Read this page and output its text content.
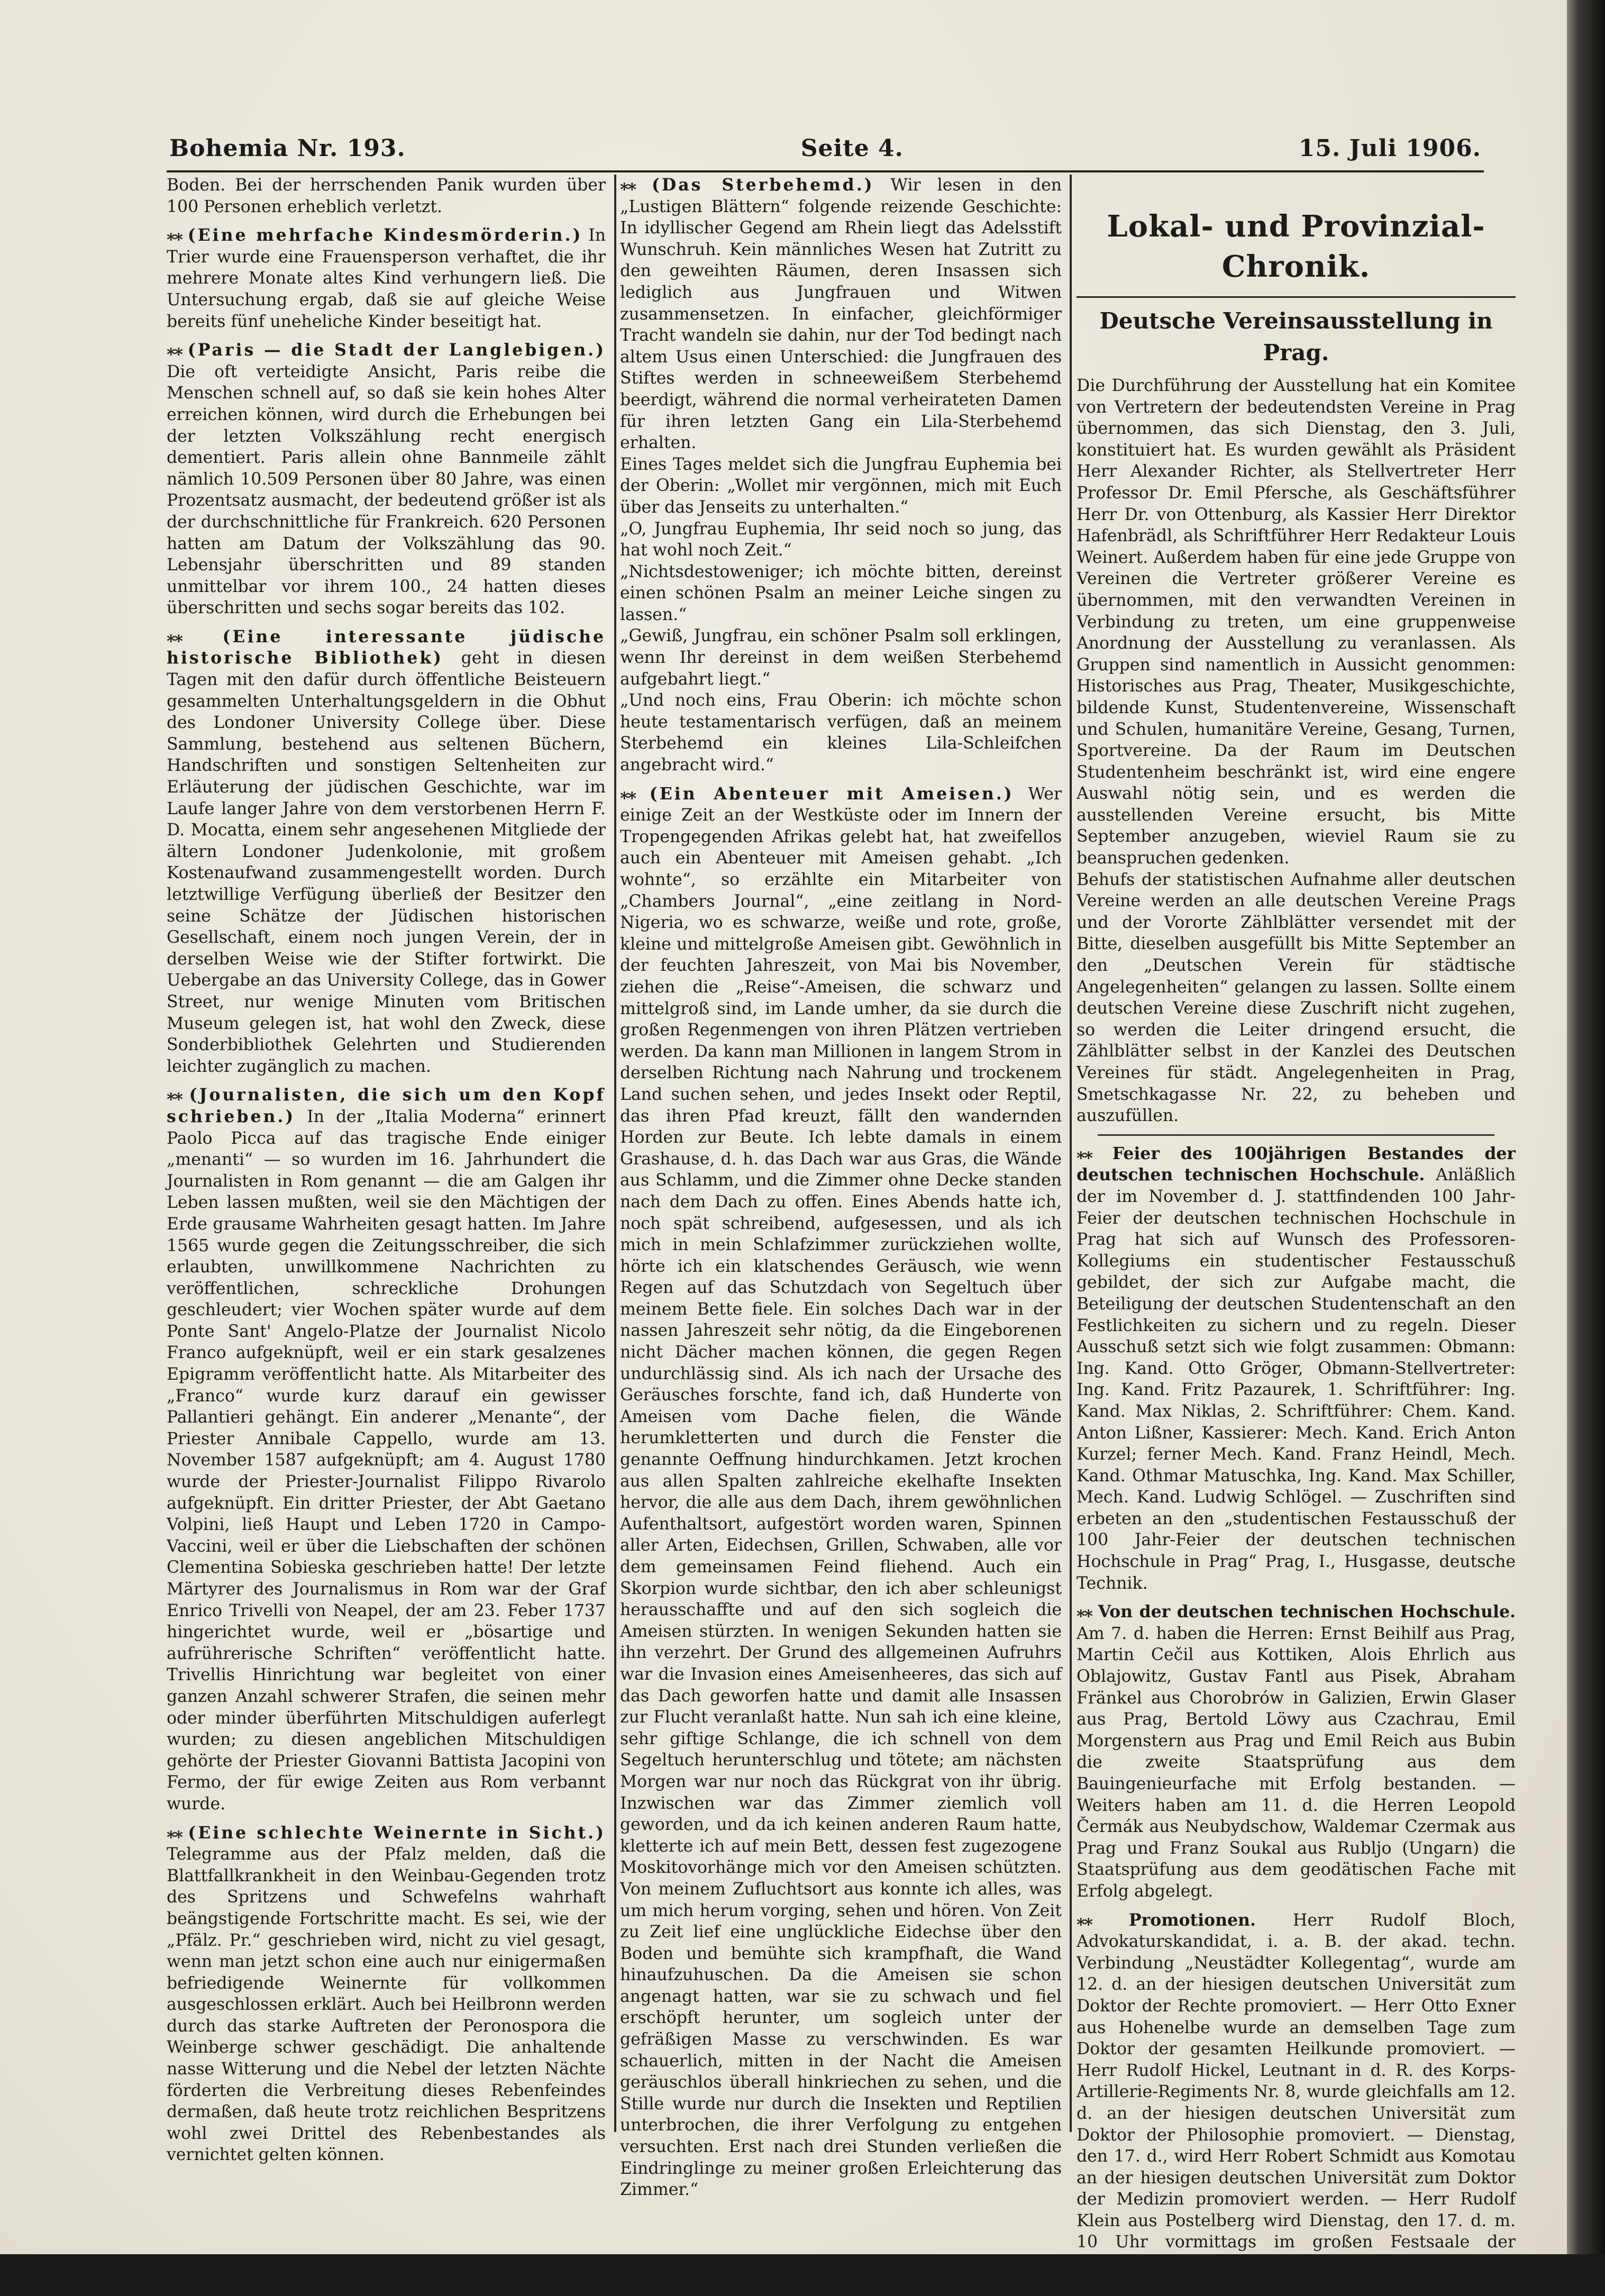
Bohemia Nr. 193.	Seite 4.	15. Juli 1906.

Boden. Bei der herrschenden Panik wurden über 100 Personen erheblich verletzt.

⁎⁎ (Eine mehrfache Kindesmörderin.) In Trier wurde eine Frauensperson verhaftet, die ihr mehrere Monate altes Kind verhungern ließ. Die Untersuchung ergab, daß sie auf gleiche Weise bereits fünf uneheliche Kinder beseitigt hat.

⁎⁎ (Paris — die Stadt der Langlebigen.) Die oft verteidigte Ansicht, Paris reibe die Menschen schnell auf, so daß sie kein hohes Alter erreichen können, wird durch die Erhebungen bei der letzten Volkszählung recht energisch dementiert. Paris allein ohne Bannmeile zählt nämlich 10.509 Personen über 80 Jahre, was einen Prozentsatz ausmacht, der bedeutend größer ist als der durchschnittliche für Frankreich. 620 Personen hatten am Datum der Volkszählung das 90. Lebensjahr überschritten und 89 standen unmittelbar vor ihrem 100., 24 hatten dieses überschritten und sechs sogar bereits das 102.

⁎⁎ (Eine interessante jüdische historische Bibliothek) geht in diesen Tagen mit den dafür durch öffentliche Beisteuern gesammelten Unterhaltungsgeldern in die Obhut des Londoner University College über. Diese Sammlung, bestehend aus seltenen Büchern, Handschriften und sonstigen Seltenheiten zur Erläuterung der jüdischen Geschichte, war im Laufe langer Jahre von dem verstorbenen Herrn F. D. Mocatta, einem sehr angesehenen Mitgliede der ältern Londoner Judenkolonie, mit großem Kostenaufwand zusammengestellt worden. Durch letztwillige Verfügung überließ der Besitzer den seine Schätze der Jüdischen historischen Gesellschaft, einem noch jungen Verein, der in derselben Weise wie der Stifter fortwirkt. Die Uebergabe an das University College, das in Gower Street, nur wenige Minuten vom Britischen Museum gelegen ist, hat wohl den Zweck, diese Sonderbibliothek Gelehrten und Studierenden leichter zugänglich zu machen.

⁎⁎ (Journalisten, die sich um den Kopf schrieben.) In der „Italia Moderna“ erinnert Paolo Picca auf das tragische Ende einiger „menanti“ — so wurden im 16. Jahrhundert die Journalisten in Rom genannt — die am Galgen ihr Leben lassen mußten, weil sie den Mächtigen der Erde grausame Wahrheiten gesagt hatten. Im Jahre 1565 wurde gegen die Zeitungsschreiber, die sich erlaubten, unwillkommene Nachrichten zu veröffentlichen, schreckliche Drohungen geschleudert; vier Wochen später wurde auf dem Ponte Sant' Angelo-Platze der Journalist Nicolo Franco aufgeknüpft, weil er ein stark gesalzenes Epigramm veröffentlicht hatte. Als Mitarbeiter des „Franco“ wurde kurz darauf ein gewisser Pallantieri gehängt. Ein anderer „Menante“, der Priester Annibale Cappello, wurde am 13. November 1587 aufgeknüpft; am 4. August 1780 wurde der Priester-Journalist Filippo Rivarolo aufgeknüpft. Ein dritter Priester, der Abt Gaetano Volpini, ließ Haupt und Leben 1720 in Campo-Vaccini, weil er über die Liebschaften der schönen Clementina Sobieska geschrieben hatte! Der letzte Märtyrer des Journalismus in Rom war der Graf Enrico Trivelli von Neapel, der am 23. Feber 1737 hingerichtet wurde, weil er „bösartige und aufrührerische Schriften“ veröffentlicht hatte. Trivellis Hinrichtung war begleitet von einer ganzen Anzahl schwerer Strafen, die seinen mehr oder minder überführten Mitschuldigen auferlegt wurden; zu diesen angeblichen Mitschuldigen gehörte der Priester Giovanni Battista Jacopini von Fermo, der für ewige Zeiten aus Rom verbannt wurde.

⁎⁎ (Eine schlechte Weinernte in Sicht.) Telegramme aus der Pfalz melden, daß die Blattfallkrankheit in den Weinbau-Gegenden trotz des Spritzens und Schwefelns wahrhaft beängstigende Fortschritte macht. Es sei, wie der „Pfälz. Pr.“ geschrieben wird, nicht zu viel gesagt, wenn man jetzt schon eine auch nur einigermaßen befriedigende Weinernte für vollkommen ausgeschlossen erklärt. Auch bei Heilbronn werden durch das starke Auftreten der Peronospora die Weinberge schwer geschädigt. Die anhaltende nasse Witterung und die Nebel der letzten Nächte förderten die Verbreitung dieses Rebenfeindes dermaßen, daß heute trotz reichlichen Bespritzens wohl zwei Drittel des Rebenbestandes als vernichtet gelten können.

⁎⁎ (Das Sterbehemd.) Wir lesen in den „Lustigen Blättern“ folgende reizende Geschichte: In idyllischer Gegend am Rhein liegt das Adelsstift Wunschruh. Kein männliches Wesen hat Zutritt zu den geweihten Räumen, deren Insassen sich lediglich aus Jungfrauen und Witwen zusammensetzen. In einfacher, gleichförmiger Tracht wandeln sie dahin, nur der Tod bedingt nach altem Usus einen Unterschied: die Jungfrauen des Stiftes werden in schneeweißem Sterbehemd beerdigt, während die normal verheirateten Damen für ihren letzten Gang ein Lila-Sterbehemd erhalten.

Eines Tages meldet sich die Jungfrau Euphemia bei der Oberin: „Wollet mir vergönnen, mich mit Euch über das Jenseits zu unterhalten.“

„O, Jungfrau Euphemia, Ihr seid noch so jung, das hat wohl noch Zeit.“

„Nichtsdestoweniger; ich möchte bitten, dereinst einen schönen Psalm an meiner Leiche singen zu lassen.“

„Gewiß, Jungfrau, ein schöner Psalm soll erklingen, wenn Ihr dereinst in dem weißen Sterbehemd aufgebahrt liegt.“

„Und noch eins, Frau Oberin: ich möchte schon heute testamentarisch verfügen, daß an meinem Sterbehemd ein kleines Lila-Schleifchen angebracht wird.“

⁎⁎ (Ein Abenteuer mit Ameisen.) Wer einige Zeit an der Westküste oder im Innern der Tropengegenden Afrikas gelebt hat, hat zweifellos auch ein Abenteuer mit Ameisen gehabt. „Ich wohnte“, so erzählte ein Mitarbeiter von „Chambers Journal“, „eine zeitlang in Nord-Nigeria, wo es schwarze, weiße und rote, große, kleine und mittelgroße Ameisen gibt. Gewöhnlich in der feuchten Jahreszeit, von Mai bis November, ziehen die „Reise“-Ameisen, die schwarz und mittelgroß sind, im Lande umher, da sie durch die großen Regenmengen von ihren Plätzen vertrieben werden. Da kann man Millionen in langem Strom in derselben Richtung nach Nahrung und trockenem Land suchen sehen, und jedes Insekt oder Reptil, das ihren Pfad kreuzt, fällt den wandernden Horden zur Beute. Ich lebte damals in einem Grashause, d. h. das Dach war aus Gras, die Wände aus Schlamm, und die Zimmer ohne Decke standen nach dem Dach zu offen. Eines Abends hatte ich, noch spät schreibend, aufgesessen, und als ich mich in mein Schlafzimmer zurückziehen wollte, hörte ich ein klatschendes Geräusch, wie wenn Regen auf das Schutzdach von Segeltuch über meinem Bette fiele. Ein solches Dach war in der nassen Jahreszeit sehr nötig, da die Eingeborenen nicht Dächer machen können, die gegen Regen undurchlässig sind. Als ich nach der Ursache des Geräusches forschte, fand ich, daß Hunderte von Ameisen vom Dache fielen, die Wände herumkletterten und durch die Fenster die genannte Oeffnung hindurchkamen. Jetzt krochen aus allen Spalten zahlreiche ekelhafte Insekten hervor, die alle aus dem Dach, ihrem gewöhnlichen Aufenthaltsort, aufgestört worden waren, Spinnen aller Arten, Eidechsen, Grillen, Schwaben, alle vor dem gemeinsamen Feind fliehend. Auch ein Skorpion wurde sichtbar, den ich aber schleunigst herausschaffte und auf den sich sogleich die Ameisen stürzten. In wenigen Sekunden hatten sie ihn verzehrt. Der Grund des allgemeinen Aufruhrs war die Invasion eines Ameisenheeres, das sich auf das Dach geworfen hatte und damit alle Insassen zur Flucht veranlaßt hatte. Nun sah ich eine kleine, sehr giftige Schlange, die ich schnell von dem Segeltuch herunterschlug und tötete; am nächsten Morgen war nur noch das Rückgrat von ihr übrig. Inzwischen war das Zimmer ziemlich voll geworden, und da ich keinen anderen Raum hatte, kletterte ich auf mein Bett, dessen fest zugezogene Moskitovorhänge mich vor den Ameisen schützten. Von meinem Zufluchtsort aus konnte ich alles, was um mich herum vorging, sehen und hören. Von Zeit zu Zeit lief eine unglückliche Eidechse über den Boden und bemühte sich krampfhaft, die Wand hinaufzuhuschen. Da die Ameisen sie schon angenagt hatten, war sie zu schwach und fiel erschöpft herunter, um sogleich unter der gefräßigen Masse zu verschwinden. Es war schauerlich, mitten in der Nacht die Ameisen geräuschlos überall hinkriechen zu sehen, und die Stille wurde nur durch die Insekten und Reptilien unterbrochen, die ihrer Verfolgung zu entgehen versuchten. Erst nach drei Stunden verließen die Eindringlinge zu meiner großen Erleichterung das Zimmer.“

Lokal- und Provinzial-Chronik.
Deutsche Vereinsausstellung in Prag.

Die Durchführung der Ausstellung hat ein Komitee von Vertretern der bedeutendsten Vereine in Prag übernommen, das sich Dienstag, den 3. Juli, konstituiert hat. Es wurden gewählt als Präsident Herr Alexander Richter, als Stellvertreter Herr Professor Dr. Emil Pfersche, als Geschäftsführer Herr Dr. von Ottenburg, als Kassier Herr Direktor Hafenbrädl, als Schriftführer Herr Redakteur Louis Weinert. Außerdem haben für eine jede Gruppe von Vereinen die Vertreter größerer Vereine es übernommen, mit den verwandten Vereinen in Verbindung zu treten, um eine gruppenweise Anordnung der Ausstellung zu veranlassen. Als Gruppen sind namentlich in Aussicht genommen: Historisches aus Prag, Theater, Musikgeschichte, bildende Kunst, Studentenvereine, Wissenschaft und Schulen, humanitäre Vereine, Gesang, Turnen, Sportvereine. Da der Raum im Deutschen Studentenheim beschränkt ist, wird eine engere Auswahl nötig sein, und es werden die ausstellenden Vereine ersucht, bis Mitte September anzugeben, wieviel Raum sie zu beanspruchen gedenken.

Behufs der statistischen Aufnahme aller deutschen Vereine werden an alle deutschen Vereine Prags und der Vororte Zählblätter versendet mit der Bitte, dieselben ausgefüllt bis Mitte September an den „Deutschen Verein für städtische Angelegenheiten“ gelangen zu lassen. Sollte einem deutschen Vereine diese Zuschrift nicht zugehen, so werden die Leiter dringend ersucht, die Zählblätter selbst in der Kanzlei des Deutschen Vereines für städt. Angelegenheiten in Prag, Smetschkagasse Nr. 22, zu beheben und auszufüllen.

⁎⁎ Feier des 100jährigen Bestandes der deutschen technischen Hochschule. Anläßlich der im November d. J. stattfindenden 100 Jahr-Feier der deutschen technischen Hochschule in Prag hat sich auf Wunsch des Professoren-Kollegiums ein studentischer Festausschuß gebildet, der sich zur Aufgabe macht, die Beteiligung der deutschen Studentenschaft an den Festlichkeiten zu sichern und zu regeln. Dieser Ausschuß setzt sich wie folgt zusammen: Obmann: Ing. Kand. Otto Gröger, Obmann-Stellvertreter: Ing. Kand. Fritz Pazaurek, 1. Schriftführer: Ing. Kand. Max Niklas, 2. Schriftführer: Chem. Kand. Anton Lißner, Kassierer: Mech. Kand. Erich Anton Kurzel; ferner Mech. Kand. Franz Heindl, Mech. Kand. Othmar Matuschka, Ing. Kand. Max Schiller, Mech. Kand. Ludwig Schlögel. — Zuschriften sind erbeten an den „studentischen Festausschuß der 100 Jahr-Feier der deutschen technischen Hochschule in Prag“ Prag, I., Husgasse, deutsche Technik.

⁎⁎ Von der deutschen technischen Hochschule. Am 7. d. haben die Herren: Ernst Beihilf aus Prag, Martin Cečil aus Kottiken, Alois Ehrlich aus Oblajowitz, Gustav Fantl aus Pisek, Abraham Fränkel aus Chorobrów in Galizien, Erwin Glaser aus Prag, Bertold Löwy aus Czachrau, Emil Morgenstern aus Prag und Emil Reich aus Bubin die zweite Staatsprüfung aus dem Bauingenieurfache mit Erfolg bestanden. — Weiters haben am 11. d. die Herren Leopold Čermák aus Neubydschow, Waldemar Czermak aus Prag und Franz Soukal aus Rubljo (Ungarn) die Staatsprüfung aus dem geodätischen Fache mit Erfolg abgelegt.

⁎⁎ Promotionen. Herr Rudolf Bloch, Advokaturskandidat, i. a. B. der akad. techn. Verbindung „Neustädter Kollegentag“, wurde am 12. d. an der hiesigen deutschen Universität zum Doktor der Rechte promoviert. — Herr Otto Exner aus Hohenelbe wurde an demselben Tage zum Doktor der gesamten Heilkunde promoviert. — Herr Rudolf Hickel, Leutnant in d. R. des Korps-Artillerie-Regiments Nr. 8, wurde gleichfalls am 12. d. an der hiesigen deutschen Universität zum Doktor der Philosophie promoviert. — Dienstag, den 17. d., wird Herr Robert Schmidt aus Komotau an der hiesigen deutschen Universität zum Doktor der Medizin promoviert werden. — Herr Rudolf Klein aus Postelberg wird Dienstag, den 17. d. m. 10 Uhr vormittags im großen Festsaale der Universität in Wien zum Doktor der Rechte promoviert werden.
